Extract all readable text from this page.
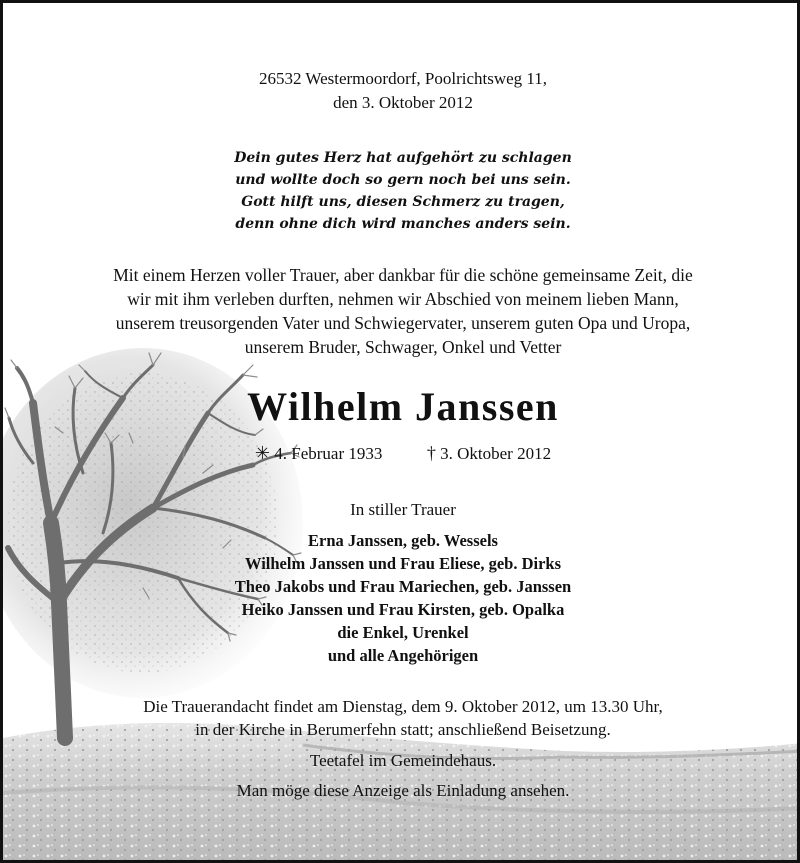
26532 Westermoordorf, Poolrichtsweg 11,
den 3. Oktober 2012
Dein gutes Herz hat aufgehört zu schlagen
und wollte doch so gern noch bei uns sein.
Gott hilft uns, diesen Schmerz zu tragen,
denn ohne dich wird manches anders sein.
Mit einem Herzen voller Trauer, aber dankbar für die schöne gemeinsame Zeit, die
wir mit ihm verleben durften, nehmen wir Abschied von meinem lieben Mann,
unserem treusorgenden Vater und Schwiegervater, unserem guten Opa und Uropa,
unserem Bruder, Schwager, Onkel und Vetter
Wilhelm Janssen
✳ 4. Februar 1933 † 3. Oktober 2012
In stiller Trauer
Erna Janssen, geb. Wessels
Wilhelm Janssen und Frau Eliese, geb. Dirks
Theo Jakobs und Frau Mariechen, geb. Janssen
Heiko Janssen und Frau Kirsten, geb. Opalka
die Enkel, Urenkel
und alle Angehörigen
Die Trauerandacht findet am Dienstag, dem 9. Oktober 2012, um 13.30 Uhr,
in der Kirche in Berumerfehn statt; anschließend Beisetzung.
Teetafel im Gemeindehaus.
Man möge diese Anzeige als Einladung ansehen.
